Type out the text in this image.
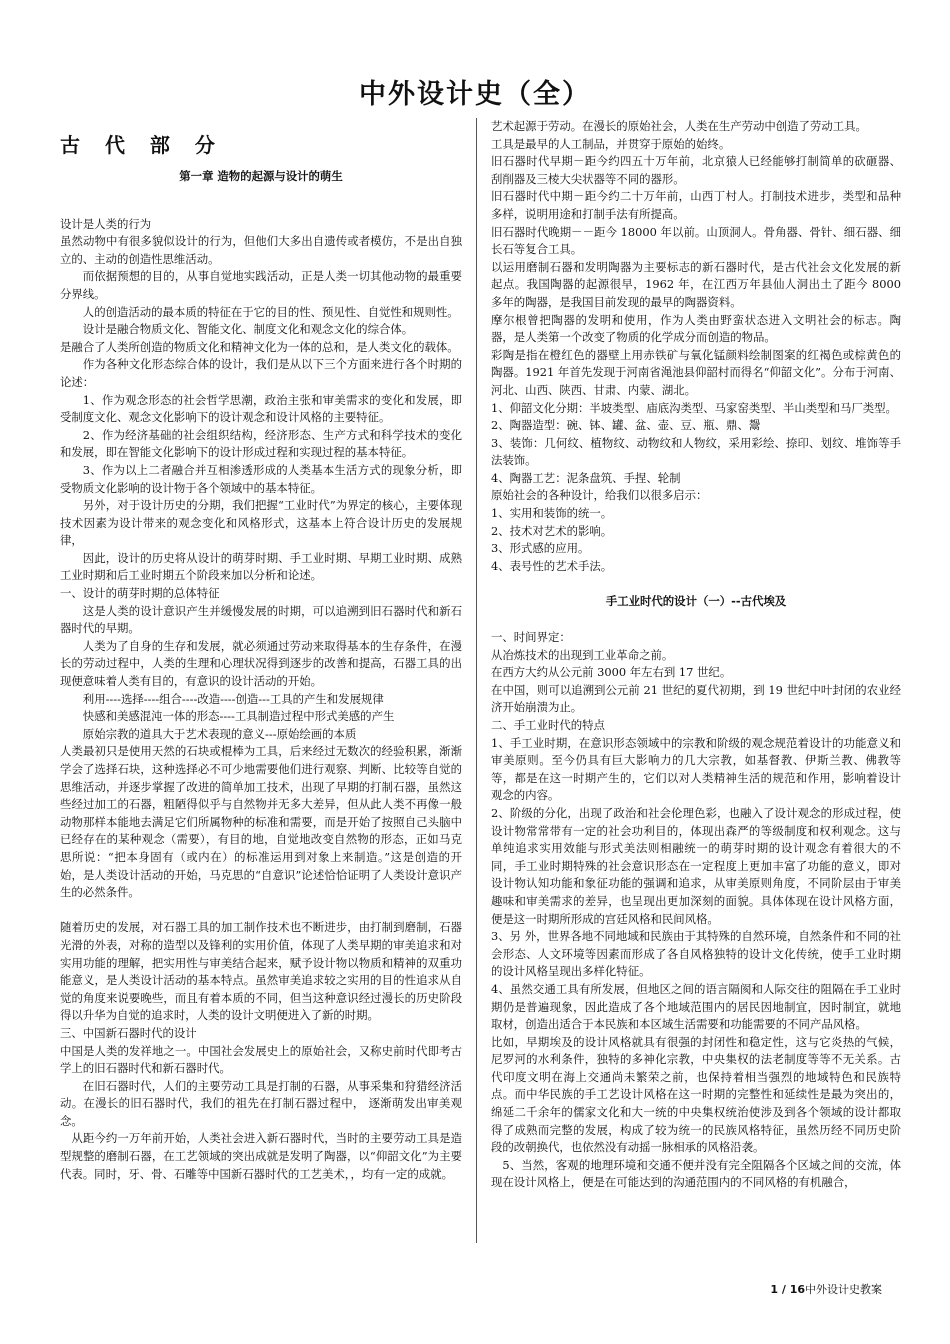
中外设计史（全）

古 代 部 分

第一章 造物的起源与设计的萌生

设计是人类的行为

虽然动物中有很多貌似设计的行为，但他们大多出自遗传或者模仿，不是出自独立的、主动的创造性思维活动。

而依据预想的目的，从事自觉地实践活动，正是人类一切其他动物的最重要分界线。

人的创造活动的最本质的特征在于它的目的性、预见性、自觉性和规则性。

设计是融合物质文化、智能文化、制度文化和观念文化的综合体。

是融合了人类所创造的物质文化和精神文化为一体的总和，是人类文化的载体。

作为各种文化形态综合体的设计，我们是从以下三个方面来进行各个时期的论述：

1、作为观念形态的社会哲学思潮，政治主张和审美需求的变化和发展，即受制度文化、观念文化影响下的设计观念和设计风格的主要特征。

2、作为经济基础的社会组织结构，经济形态、生产方式和科学技术的变化和发展，即在智能文化影响下的设计形成过程和实现过程的基本特征。

3、作为以上二者融合并互相渗透形成的人类基本生活方式的现象分析，即受物质文化影响的设计物于各个领域中的基本特征。

另外，对于设计历史的分期，我们把握“工业时代”为界定的核心，主要体现技术因素为设计带来的观念变化和风格形式，这基本上符合设计历史的发展规律，

因此，设计的历史将从设计的萌芽时期、手工业时期、早期工业时期、成熟工业时期和后工业时期五个阶段来加以分析和论述。

一、设计的萌芽时期的总体特征

这是人类的设计意识产生并缓慢发展的时期，可以追溯到旧石器时代和新石器时代的早期。

人类为了自身的生存和发展，就必须通过劳动来取得基本的生存条件，在漫长的劳动过程中，人类的生理和心理状况得到逐步的改善和提高，石器工具的出现便意味着人类有目的，有意识的设计活动的开始。

利用----选择----组合----改造----创造---工具的产生和发展规律

快感和美感混沌一体的形态----工具制造过程中形式美感的产生

原始宗教的道具大于艺术表现的意义---原始绘画的本质

人类最初只是使用天然的石块或棍棒为工具，后来经过无数次的经验积累，渐渐学会了选择石块，这种选择必不可少地需要他们进行观察、判断、比较等自觉的思维活动，并逐步掌握了改进的简单加工技术，出现了早期的打制石器，虽然这些经过加工的石器，粗陋得似乎与自然物并无多大差异，但从此人类不再像一般动物那样本能地去满足它们所属物种的标准和需要，而是开始了按照自己头脑中已经存在的某种观念（需要），有目的地，自觉地改变自然物的形态，正如马克思所说：“把本身固有（或内在）的标准运用到对象上来制造。”这是创造的开始，是人类设计活动的开始，马克思的“自意识”论述恰恰证明了人类设计意识产生的必然条件。

随着历史的发展，对石器工具的加工制作技术也不断进步，由打制到磨制，石器光滑的外表，对称的造型以及锋利的实用价值，体现了人类早期的审美追求和对实用功能的理解，把实用性与审美结合起来，赋予设计物以物质和精神的双重功能意义，是人类设计活动的基本特点。虽然审美追求较之实用的目的性追求从自觉的角度来说要晚些，而且有着本质的不同，但当这种意识经过漫长的历史阶段得以升华为自觉的追求时，人类的设计文明便进入了新的时期。

三、中国新石器时代的设计

中国是人类的发祥地之一。中国社会发展史上的原始社会，又称史前时代即考古学上的旧石器时代和新石器时代。

在旧石器时代，人们的主要劳动工具是打制的石器，从事采集和狩猎经济活动。在漫长的旧石器时代，我们的祖先在打制石器过程中， 逐渐萌发出审美观念。

从距今约一万年前开始，人类社会进入新石器时代，当时的主要劳动工具是造型规整的磨制石器，在工艺领域的突出成就是发明了陶器，以“仰韶文化”为主要代表。同时，牙、骨、石雕等中国新石器时代的工艺美术，，均有一定的成就。

艺术起源于劳动。在漫长的原始社会，人类在生产劳动中创造了劳动工具。

工具是最早的人工制品，并贯穿于原始的始终。

旧石器时代早期－距今约四五十万年前，北京猿人已经能够打制简单的砍砸器、刮削器及三棱大尖状器等不同的器形。

旧石器时代中期－距今约二十万年前，山西丁村人。打制技术进步，类型和品种多样，说明用途和打制手法有所提高。

旧石器时代晚期－－距今 18000 年以前。山顶洞人。骨角器、骨针、细石器、细长石等复合工具。

以运用磨制石器和发明陶器为主要标志的新石器时代，是古代社会文化发展的新起点。我国陶器的起源很早，1962 年，在江西万年县仙人洞出土了距今 8000 多年的陶器，是我国目前发现的最早的陶器资料。

摩尔根曾把陶器的发明和使用，作为人类由野蛮状态进入文明社会的标志。陶器，是人类第一个改变了物质的化学成分而创造的物品。

彩陶是指在橙红色的器壁上用赤铁矿与氧化锰颜料绘制图案的红褐色或棕黄色的陶器。1921 年首先发现于河南省渑池县仰韶村而得名“仰韶文化”。分布于河南、河北、山西、陕西、甘肃、内蒙、湖北。

1、仰韶文化分期：半坡类型、庙底沟类型、马家窑类型、半山类型和马厂类型。

2、陶器造型：碗、钵、罐、盆、壶、豆、瓶、鼎、鬶

3、装饰：几何纹、植物纹、动物纹和人物纹，采用彩绘、捺印、划纹、堆饰等手法装饰。

4、陶器工艺：泥条盘筑、手捏、轮制

原始社会的各种设计，给我们以很多启示：

1、实用和装饰的统一。

2、技术对艺术的影响。

3、形式感的应用。

4、表号性的艺术手法。

手工业时代的设计（一）--古代埃及

一、时间界定：

从冶炼技术的出现到工业革命之前。

在西方大约从公元前 3000 年左右到 17 世纪。

在中国，则可以追溯到公元前 21 世纪的夏代初期，到 19 世纪中叶封闭的农业经济开始崩溃为止。

二、手工业时代的特点

1、手工业时期，在意识形态领域中的宗教和阶级的观念规范着设计的功能意义和审美原则。至今仍具有巨大影响力的几大宗教，如基督教、伊斯兰教、佛教等等，都是在这一时期产生的，它们以对人类精神生活的规范和作用，影响着设计观念的内容。

2、阶级的分化，出现了政治和社会伦理色彩，也融入了设计观念的形成过程，使设计物常常带有一定的社会功利目的，体现出森严的等级制度和权利观念。这与单纯追求实用效能与形式美法则相融统一的萌芽时期的设计观念有着很大的不同，手工业时期特殊的社会意识形态在一定程度上更加丰富了功能的意义，即对设计物认知功能和象征功能的强调和追求，从审美原则角度，不同阶层由于审美趣味和审美需求的差异，也呈现出更加深刻的面貌。具体体现在设计风格方面，便是这一时期所形成的宫廷风格和民间风格。

3、另 外，世界各地不同地域和民族由于其特殊的自然环境，自然条件和不同的社会形态、人文环境等因素而形成了各自风格独特的设计文化传统，使手工业时期的设计风格呈现出多样化特征。

4、虽然交通工具有所发展，但地区之间的语言隔阂和人际交往的阻隔在手工业时期仍是普遍现象，因此造成了各个地域范围内的居民因地制宜，因时制宜，就地取材，创造出适合于本民族和本区域生活需要和功能需要的不同产品风格。

比如，早期埃及的设计风格就具有很强的封闭性和稳定性，这与它炎热的气候，尼罗河的水利条件，独特的多神化宗教，中央集权的法老制度等等不无关系。古代印度文明在海上交通尚未繁荣之前，也保持着相当强烈的地域特色和民族特点。而中华民族的手工艺设计风格在这一时期的完整性和延续性是最为突出的，绵延二千余年的儒家文化和大一统的中央集权统治使涉及到各个领域的设计都取得了成熟而完整的发展，构成了较为统一的民族风格特征，虽然历经不同历史阶段的改朝换代，也依然没有动摇一脉相承的风格沿袭。

5、当然，客观的地理环境和交通不便并没有完全阻隔各个区域之间的交流，体现在设计风格上，便是在可能达到的沟通范围内的不同风格的有机融合，

1 / 16中外设计史教案
